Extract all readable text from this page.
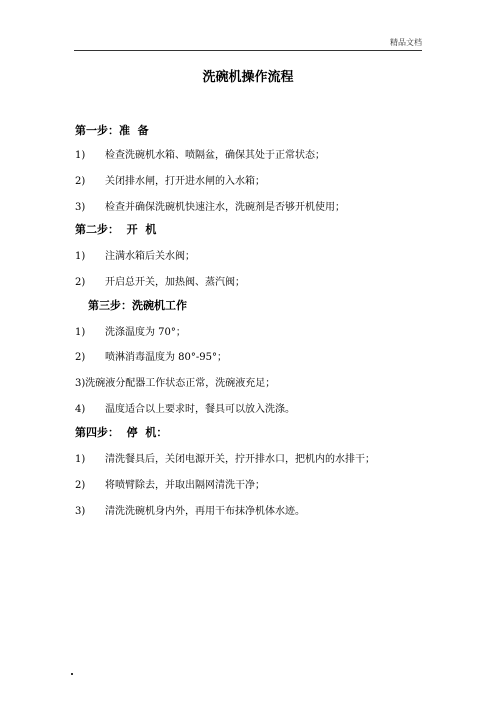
精品文档
洗碗机操作流程
第一步：准  备
1) 检查洗碗机水箱、喷隔盆，确保其处于正常状态；
2) 关闭排水闸，打开进水闸的入水箱；
3) 检查并确保洗碗机快速注水，洗碗剂是否够开机使用；
第二步：  开  机
1) 注满水箱后关水阀；
2) 开启总开关，加热阀、蒸汽阀；
第三步：洗碗机工作
1) 洗涤温度为 70°；
2) 喷淋消毒温度为 80°-95°；
3)洗碗液分配器工作状态正常，洗碗液充足；
4) 温度适合以上要求时，餐具可以放入洗涤。
第四步：  停  机：
1) 清洗餐具后，关闭电源开关，拧开排水口，把机内的水排干；
2) 将喷臂除去，并取出隔网清洗干净；
3) 清洗洗碗机身内外，再用干布抹净机体水迹。
